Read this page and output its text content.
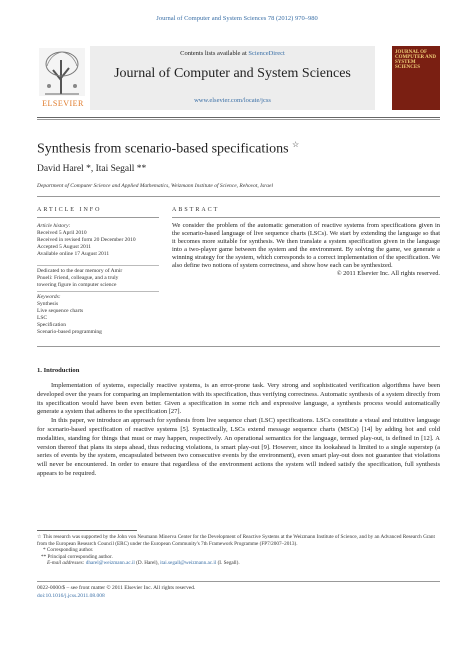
Journal of Computer and System Sciences 78 (2012) 970–980
ELSEVIER
Contents lists available at ScienceDirect
Journal of Computer and System Sciences
www.elsevier.com/locate/jcss
JOURNAL OF COMPUTER AND SYSTEM SCIENCES
Synthesis from scenario-based specifications ☆
David Harel *, Itai Segall **
Department of Computer Science and Applied Mathematics, Weizmann Institute of Science, Rehovot, Israel
ARTICLE INFO	ABSTRACT
Article history:
Received 5 April 2010
Received in revised form 20 December 2010
Accepted 5 August 2011
Available online 17 August 2011
Dedicated to the dear memory of Amir
Pnueli: Friend, colleague, and a truly
towering figure in computer science
Keywords:
Synthesis
Live sequence charts
LSC
Specification
Scenario-based programming
We consider the problem of the automatic generation of reactive systems from specifications given in the scenario-based language of live sequence charts (LSCs). We start by extending the language so that it becomes more suitable for synthesis. We then translate a system specification given in the language into a two-player game between the system and the environment. By solving the game, we generate a winning strategy for the system, which corresponds to a correct implementation of the specification. We also define two notions of system correctness, and show how each can be synthesized.
© 2011 Elsevier Inc. All rights reserved.
1. Introduction

Implementation of systems, especially reactive systems, is an error-prone task. Very strong and sophisticated verification algorithms have been developed over the years for comparing an implementation with its specification, thus verifying correctness. Automatic synthesis of a system directly from its specification would have been even better. Given a specification in some rich and expressive language, a synthesis process would automatically generate a system that adheres to the specification [27].

In this paper, we introduce an approach for synthesis from live sequence chart (LSC) specifications. LSCs constitute a visual and intuitive language for scenario-based specification of reactive systems [5]. Syntactically, LSCs extend message sequence charts (MSCs) [14] by adding hot and cold modalities, standing for things that must or may happen, respectively. An operational semantics for the language, termed play-out, is defined in [12]. A version thereof that plans its steps ahead, thus reducing violations, is smart play-out [9]. However, since its lookahead is limited to a single superstep (a series of events by the system, encapsulated between two consecutive events by the environment), even smart play-out does not guarantee that violations will never be encountered. In order to ensure that regardless of the environment actions the system will indeed satisfy the specification, full synthesis appears to be required.

☆ This research was supported by the John von Neumann Minerva Center for the Development of Reactive Systems at the Weizmann Institute of Science, and by an Advanced Research Grant from the European Research Council (ERC) under the European Community's 7th Framework Programme (FP7/2007–2013).
* Corresponding author.
** Principal corresponding author.
E-mail addresses: dharel@weizmann.ac.il (D. Harel), itai.segall@weizmann.ac.il (I. Segall).
0022-0000/$ – see front matter © 2011 Elsevier Inc. All rights reserved.
doi:10.1016/j.jcss.2011.08.008
